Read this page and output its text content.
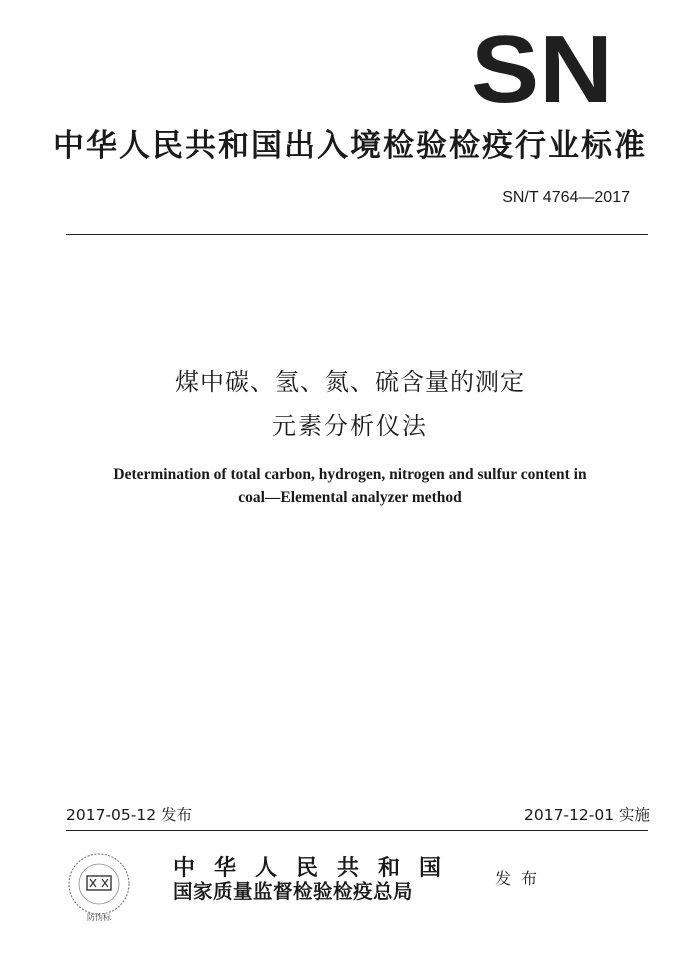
SN
中华人民共和国出入境检验检疫行业标准
SN/T 4764—2017
煤中碳、氢、氮、硫含量的测定
元素分析仪法
Determination of total carbon, hydrogen, nitrogen and sulfur content in
coal—Elemental analyzer method
2017-05-12 发布	2017-12-01 实施
防伪标
中华人民共和国
国家质量监督检验检疫总局
发布
